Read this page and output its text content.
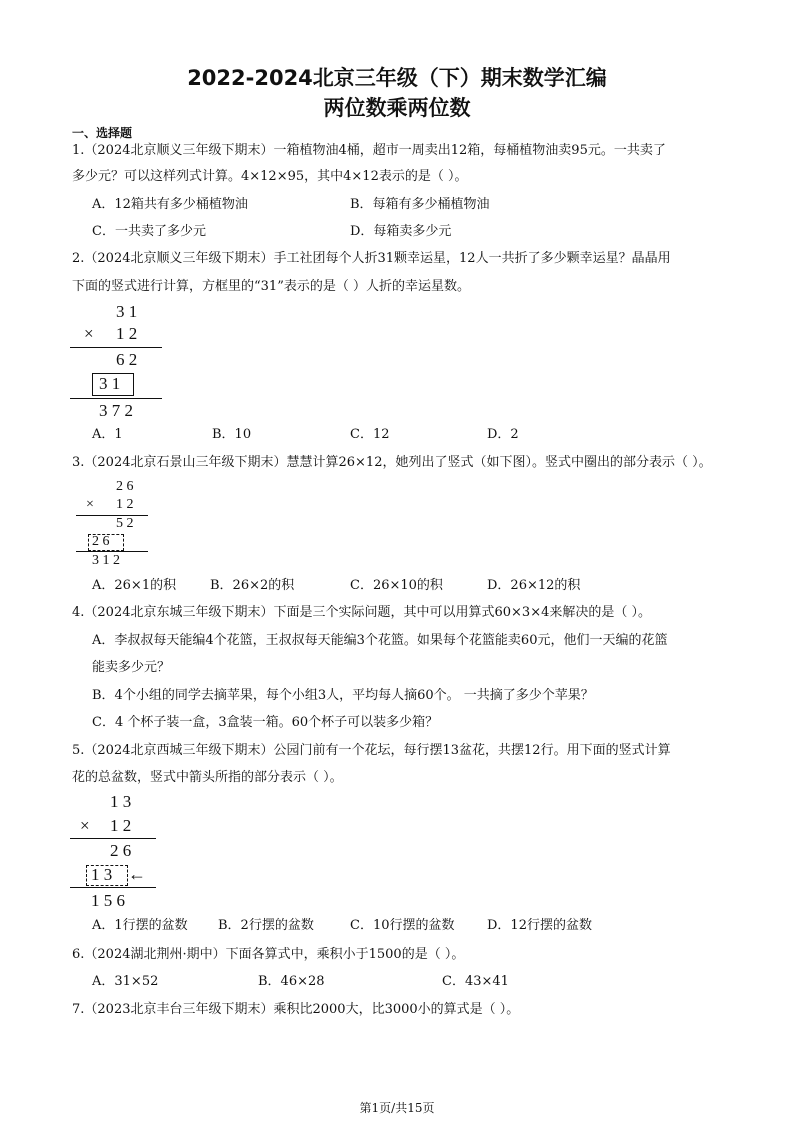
2022-2024北京三年级（下）期末数学汇编
两位数乘两位数
一、选择题
1.（2024北京顺义三年级下期末）一箱植物油4桶，超市一周卖出12箱，每桶植物油卖95元。一共卖了
多少元？可以这样列式计算。4×12×95，其中4×12表示的是（ ）。
A．12箱共有多少桶植物油	B．每箱有多少桶植物油
C．一共卖了多少元	D．每箱卖多少元
2.（2024北京顺义三年级下期末）手工社团每个人折31颗幸运星，12人一共折了多少颗幸运星？晶晶用
下面的竖式进行计算，方框里的“31”表示的是（ ）人折的幸运星数。
3 1
× 1 2
6 2
3 1
3 7 2
A．1	B．10	C．12	D．2
3.（2024北京石景山三年级下期末）慧慧计算26×12，她列出了竖式（如下图）。竖式中圈出的部分表示（ ）。
2 6
× 1 2
5 2
2 6
3 1 2
A．26×1的积	B．26×2的积	C．26×10的积	D．26×12的积
4.（2024北京东城三年级下期末）下面是三个实际问题，其中可以用算式60×3×4来解决的是（ ）。
A．李叔叔每天能编4个花篮，王叔叔每天能编3个花篮。如果每个花篮能卖60元，他们一天编的花篮
能卖多少元？
B．4个小组的同学去摘苹果，每个小组3人，平均每人摘60个。 一共摘了多少个苹果？
C．4 个杯子装一盒，3盒装一箱。60个杯子可以装多少箱？
5.（2024北京西城三年级下期末）公园门前有一个花坛，每行摆13盆花，共摆12行。用下面的竖式计算
花的总盆数，竖式中箭头所指的部分表示（ ）。
1 3
× 1 2
2 6
1 3 ←
1 5 6
A．1行摆的盆数 B．2行摆的盆数	C．10行摆的盆数	D．12行摆的盆数
6.（2024湖北荆州·期中）下面各算式中，乘积小于1500的是（ ）。
A．31×52	B．46×28	C．43×41
7.（2023北京丰台三年级下期末）乘积比2000大，比3000小的算式是（ ）。
第1页/共15页
